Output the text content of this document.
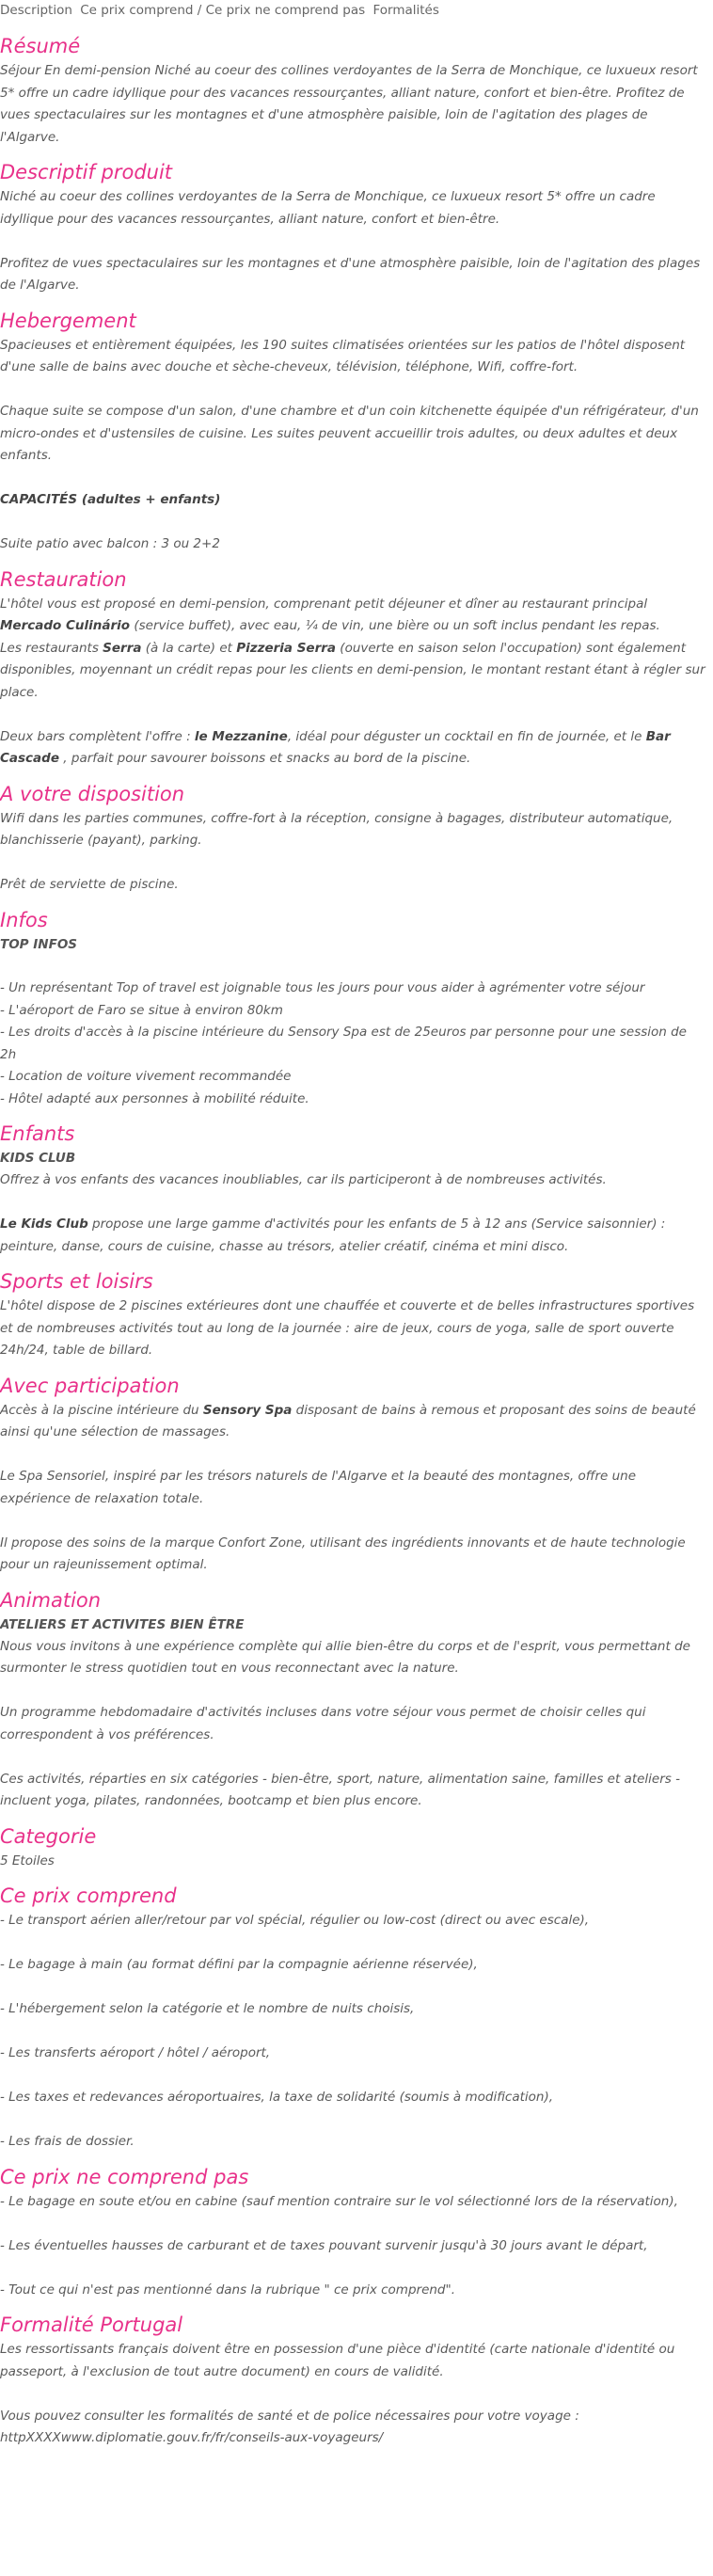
Description Ce prix comprend / Ce prix ne comprend pas Formalités
Résumé

Séjour En demi-pension Niché au coeur des collines verdoyantes de la Serra de Monchique, ce luxueux resort 5* offre un cadre idyllique pour des vacances ressourçantes, alliant nature, confort et bien-être. Profitez de vues spectaculaires sur les montagnes et d'une atmosphère paisible, loin de l'agitation des plages de l'Algarve.

Descriptif produit

Niché au coeur des collines verdoyantes de la Serra de Monchique, ce luxueux resort 5* offre un cadre idyllique pour des vacances ressourçantes, alliant nature, confort et bien-être.

Profitez de vues spectaculaires sur les montagnes et d'une atmosphère paisible, loin de l'agitation des plages de l'Algarve.

Hebergement

Spacieuses et entièrement équipées, les 190 suites climatisées orientées sur les patios de l'hôtel disposent d'une salle de bains avec douche et sèche-cheveux, télévision, téléphone, Wifi, coffre-fort.

Chaque suite se compose d'un salon, d'une chambre et d'un coin kitchenette équipée d'un réfrigérateur, d'un micro-ondes et d'ustensiles de cuisine. Les suites peuvent accueillir trois adultes, ou deux adultes et deux enfants.

CAPACITÉS (adultes + enfants)

Suite patio avec balcon : 3 ou 2+2

Restauration

L'hôtel vous est proposé en demi-pension, comprenant petit déjeuner et dîner au restaurant principal Mercado Culinário (service buffet), avec eau, ¼ de vin, une bière ou un soft inclus pendant les repas.

Les restaurants Serra (à la carte) et Pizzeria Serra (ouverte en saison selon l'occupation) sont également disponibles, moyennant un crédit repas pour les clients en demi-pension, le montant restant étant à régler sur place.

Deux bars complètent l'offre : le Mezzanine, idéal pour déguster un cocktail en fin de journée, et le Bar Cascade , parfait pour savourer boissons et snacks au bord de la piscine.

A votre disposition

Wifi dans les parties communes, coffre-fort à la réception, consigne à bagages, distributeur automatique, blanchisserie (payant), parking.

Prêt de serviette de piscine.

Infos
TOP INFOS

- Un représentant Top of travel est joignable tous les jours pour vous aider à agrémenter votre séjour

- L'aéroport de Faro se situe à environ 80km

- Les droits d'accès à la piscine intérieure du Sensory Spa est de 25euros par personne pour une session de 2h

- Location de voiture vivement recommandée

- Hôtel adapté aux personnes à mobilité réduite.

Enfants
KIDS CLUB

Offrez à vos enfants des vacances inoubliables, car ils participeront à de nombreuses activités.

Le Kids Club propose une large gamme d'activités pour les enfants de 5 à 12 ans (Service saisonnier) : peinture, danse, cours de cuisine, chasse au trésors, atelier créatif, cinéma et mini disco.

Sports et loisirs

L'hôtel dispose de 2 piscines extérieures dont une chauffée et couverte et de belles infrastructures sportives et de nombreuses activités tout au long de la journée : aire de jeux, cours de yoga, salle de sport ouverte 24h/24, table de billard.

Avec participation

Accès à la piscine intérieure du Sensory Spa disposant de bains à remous et proposant des soins de beauté ainsi qu'une sélection de massages.

Le Spa Sensoriel, inspiré par les trésors naturels de l'Algarve et la beauté des montagnes, offre une expérience de relaxation totale.

Il propose des soins de la marque Confort Zone, utilisant des ingrédients innovants et de haute technologie pour un rajeunissement optimal.

Animation
ATELIERS ET ACTIVITES BIEN ÊTRE

Nous vous invitons à une expérience complète qui allie bien-être du corps et de l'esprit, vous permettant de surmonter le stress quotidien tout en vous reconnectant avec la nature.

Un programme hebdomadaire d'activités incluses dans votre séjour vous permet de choisir celles qui correspondent à vos préférences.

Ces activités, réparties en six catégories - bien-être, sport, nature, alimentation saine, familles et ateliers - incluent yoga, pilates, randonnées, bootcamp et bien plus encore.

Categorie

5 Etoiles

Ce prix comprend

- Le transport aérien aller/retour par vol spécial, régulier ou low-cost (direct ou avec escale),

- Le bagage à main (au format défini par la compagnie aérienne réservée),

- L'hébergement selon la catégorie et le nombre de nuits choisis,

- Les transferts aéroport / hôtel / aéroport,

- Les taxes et redevances aéroportuaires, la taxe de solidarité (soumis à modification),

- Les frais de dossier.

Ce prix ne comprend pas

- Le bagage en soute et/ou en cabine (sauf mention contraire sur le vol sélectionné lors de la réservation),

- Les éventuelles hausses de carburant et de taxes pouvant survenir jusqu'à 30 jours avant le départ,

- Tout ce qui n'est pas mentionné dans la rubrique " ce prix comprend".

Formalité Portugal

Les ressortissants français doivent être en possession d'une pièce d'identité (carte nationale d'identité ou passeport, à l'exclusion de tout autre document) en cours de validité.

Vous pouvez consulter les formalités de santé et de police nécessaires pour votre voyage :

httpXXXXwww.diplomatie.gouv.fr/fr/conseils-aux-voyageurs/
